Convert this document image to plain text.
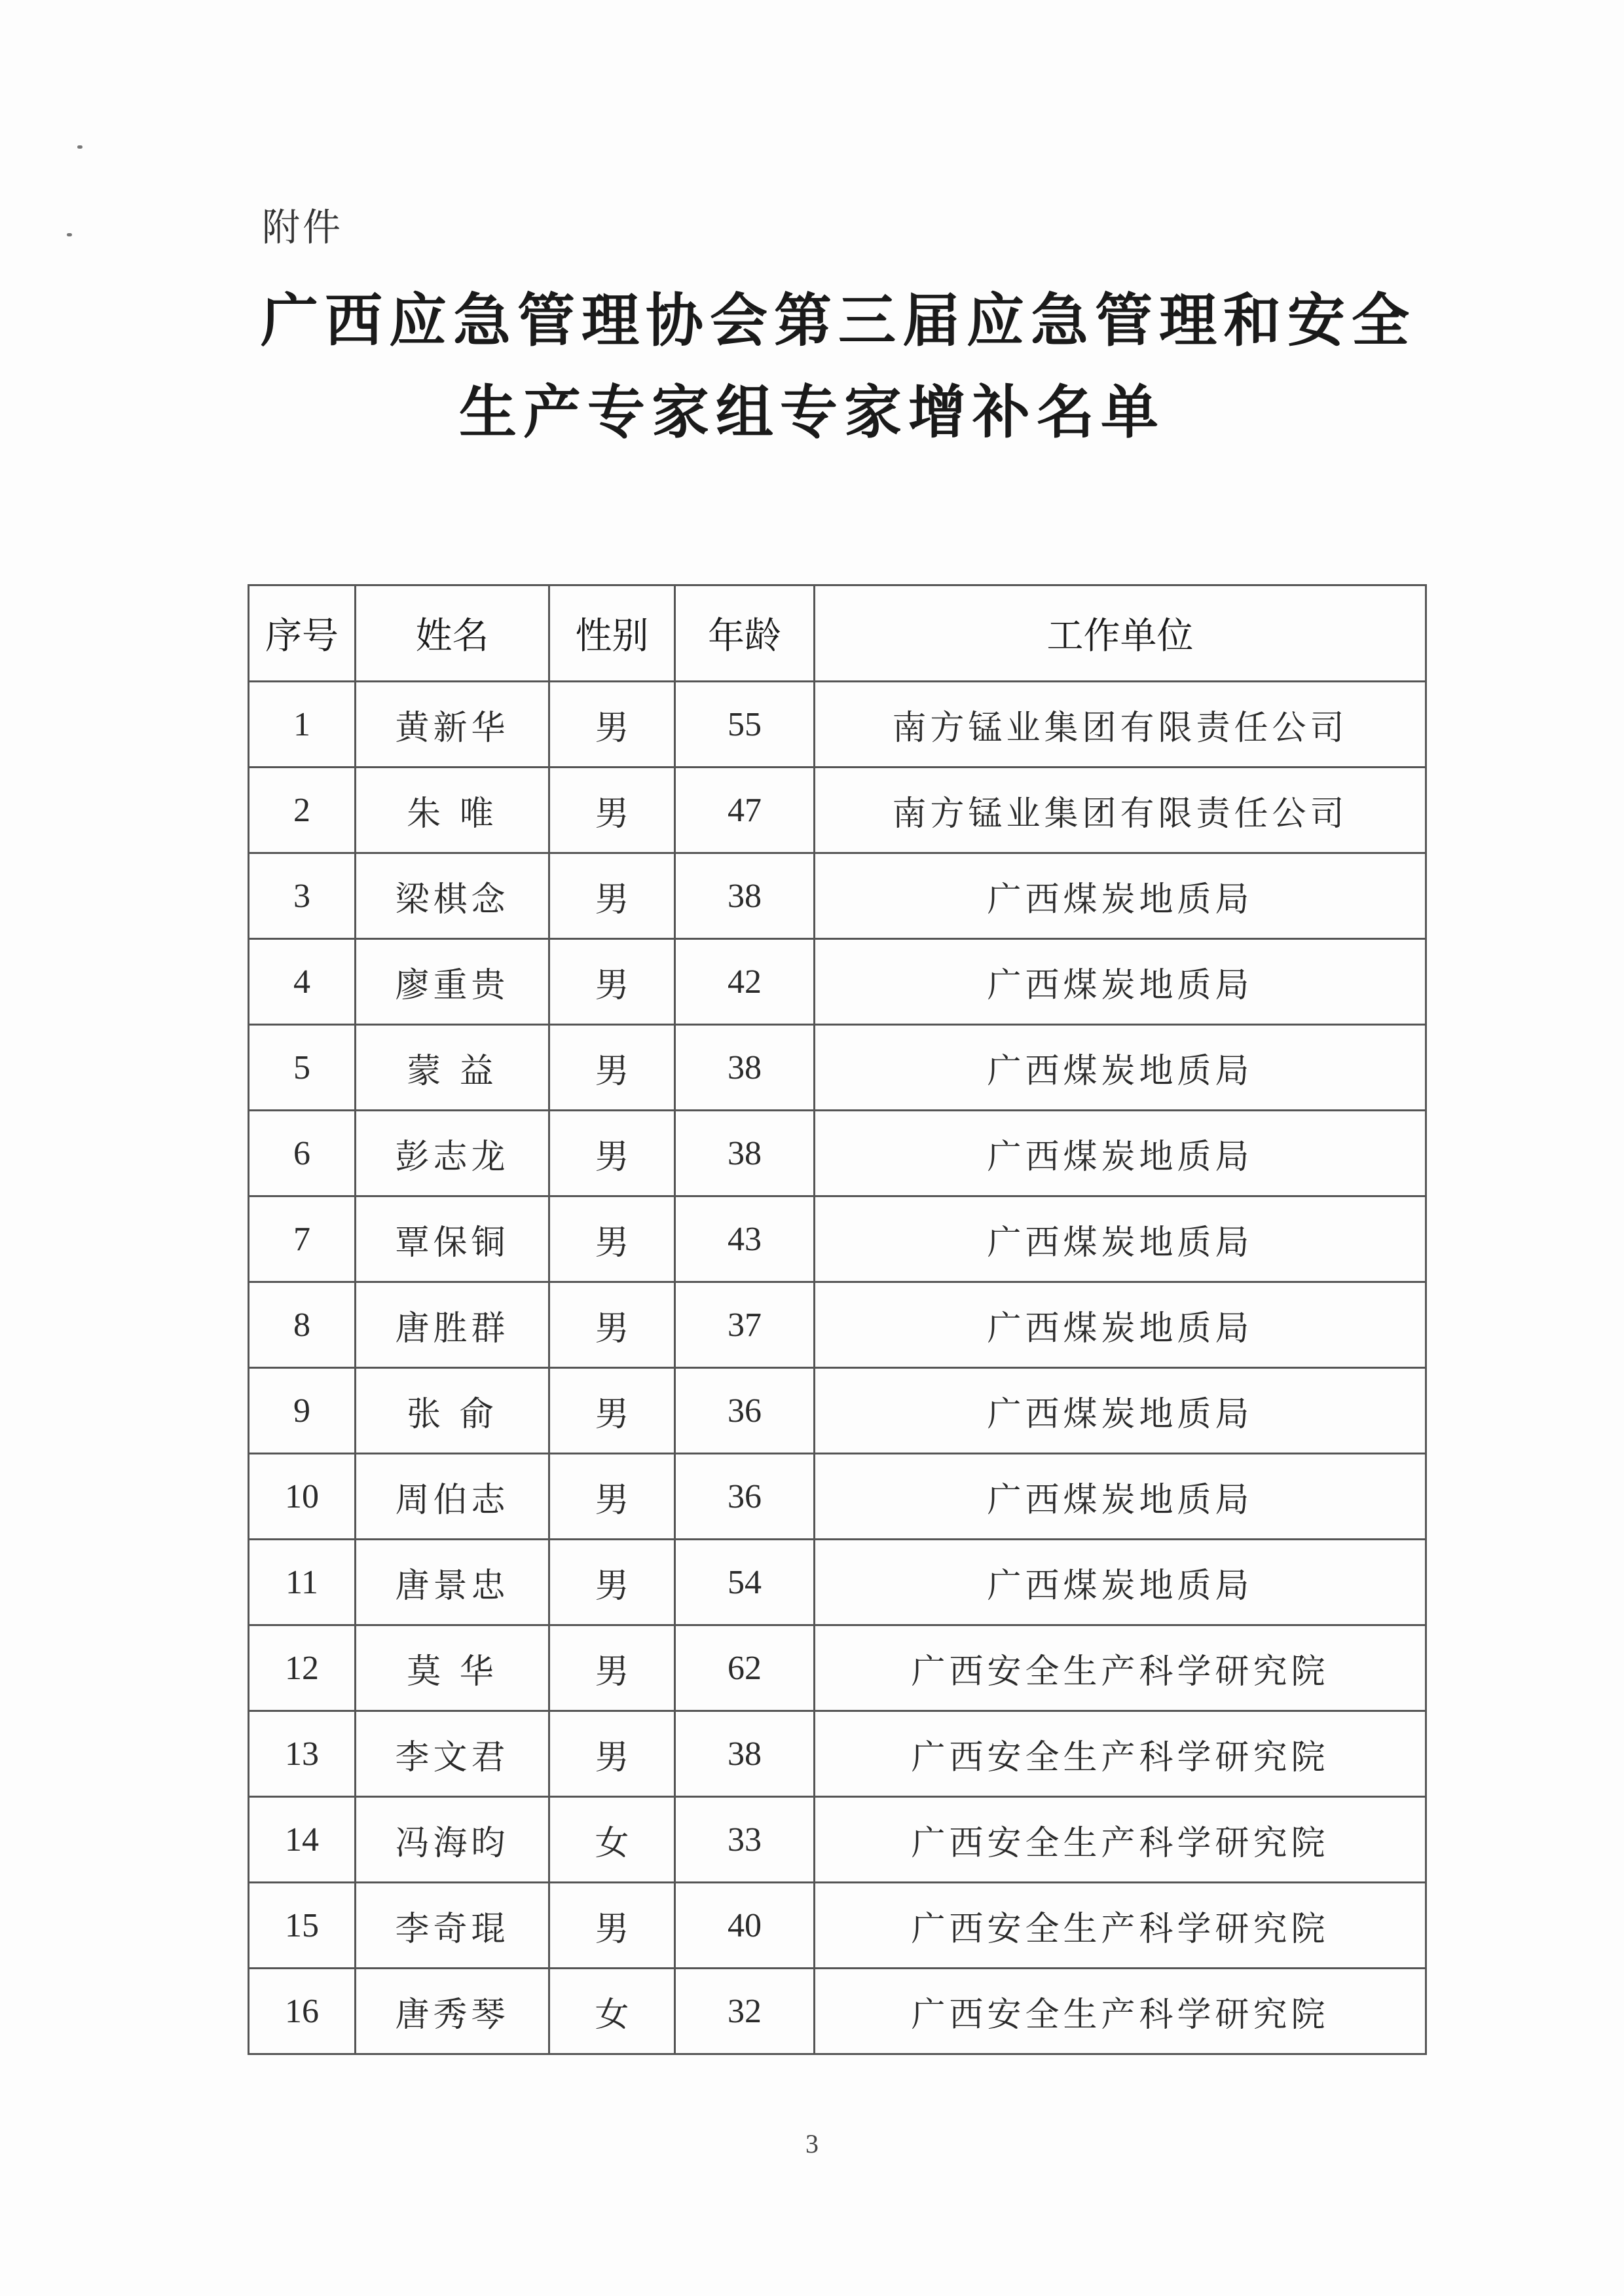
附件
广西应急管理协会第三届应急管理和安全
生产专家组专家增补名单
序号	姓名	性别	年龄	工作单位
1	黄新华	男	55	南方锰业集团有限责任公司
2	朱 唯	男	47	南方锰业集团有限责任公司
3	梁棋念	男	38	广西煤炭地质局
4	廖重贵	男	42	广西煤炭地质局
5	蒙 益	男	38	广西煤炭地质局
6	彭志龙	男	38	广西煤炭地质局
7	覃保铜	男	43	广西煤炭地质局
8	唐胜群	男	37	广西煤炭地质局
9	张 俞	男	36	广西煤炭地质局
10	周伯志	男	36	广西煤炭地质局
11	唐景忠	男	54	广西煤炭地质局
12	莫 华	男	62	广西安全生产科学研究院
13	李文君	男	38	广西安全生产科学研究院
14	冯海昀	女	33	广西安全生产科学研究院
15	李奇琨	男	40	广西安全生产科学研究院
16	唐秀琴	女	32	广西安全生产科学研究院
3
